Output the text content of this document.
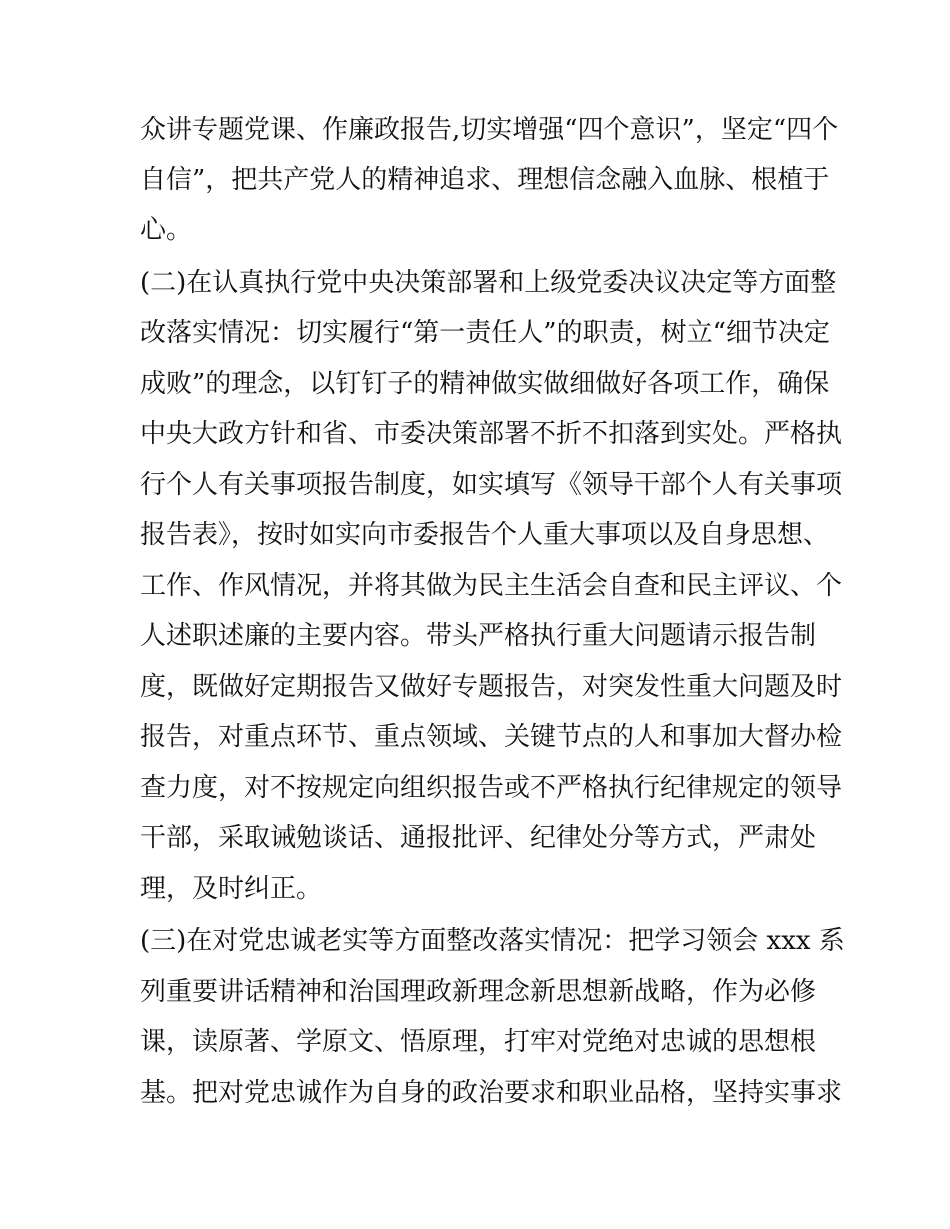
众讲专题党课、作廉政报告,切实增强“四个意识”，坚定“四个

自信”，把共产党人的精神追求、理想信念融入血脉、根植于

心。

(二)在认真执行党中央决策部署和上级党委决议决定等方面整

改落实情况：切实履行“第一责任人”的职责，树立“细节决定

成败”的理念，以钉钉子的精神做实做细做好各项工作，确保

中央大政方针和省、市委决策部署不折不扣落到实处。严格执

行个人有关事项报告制度，如实填写《领导干部个人有关事项

报告表》，按时如实向市委报告个人重大事项以及自身思想、

工作、作风情况，并将其做为民主生活会自查和民主评议、个

人述职述廉的主要内容。带头严格执行重大问题请示报告制

度，既做好定期报告又做好专题报告，对突发性重大问题及时

报告，对重点环节、重点领域、关键节点的人和事加大督办检

查力度，对不按规定向组织报告或不严格执行纪律规定的领导

干部，采取诫勉谈话、通报批评、纪律处分等方式，严肃处

理，及时纠正。

(三)在对党忠诚老实等方面整改落实情况：把学习领会 xxx 系

列重要讲话精神和治国理政新理念新思想新战略，作为必修

课，读原著、学原文、悟原理，打牢对党绝对忠诚的思想根

基。把对党忠诚作为自身的政治要求和职业品格，坚持实事求
